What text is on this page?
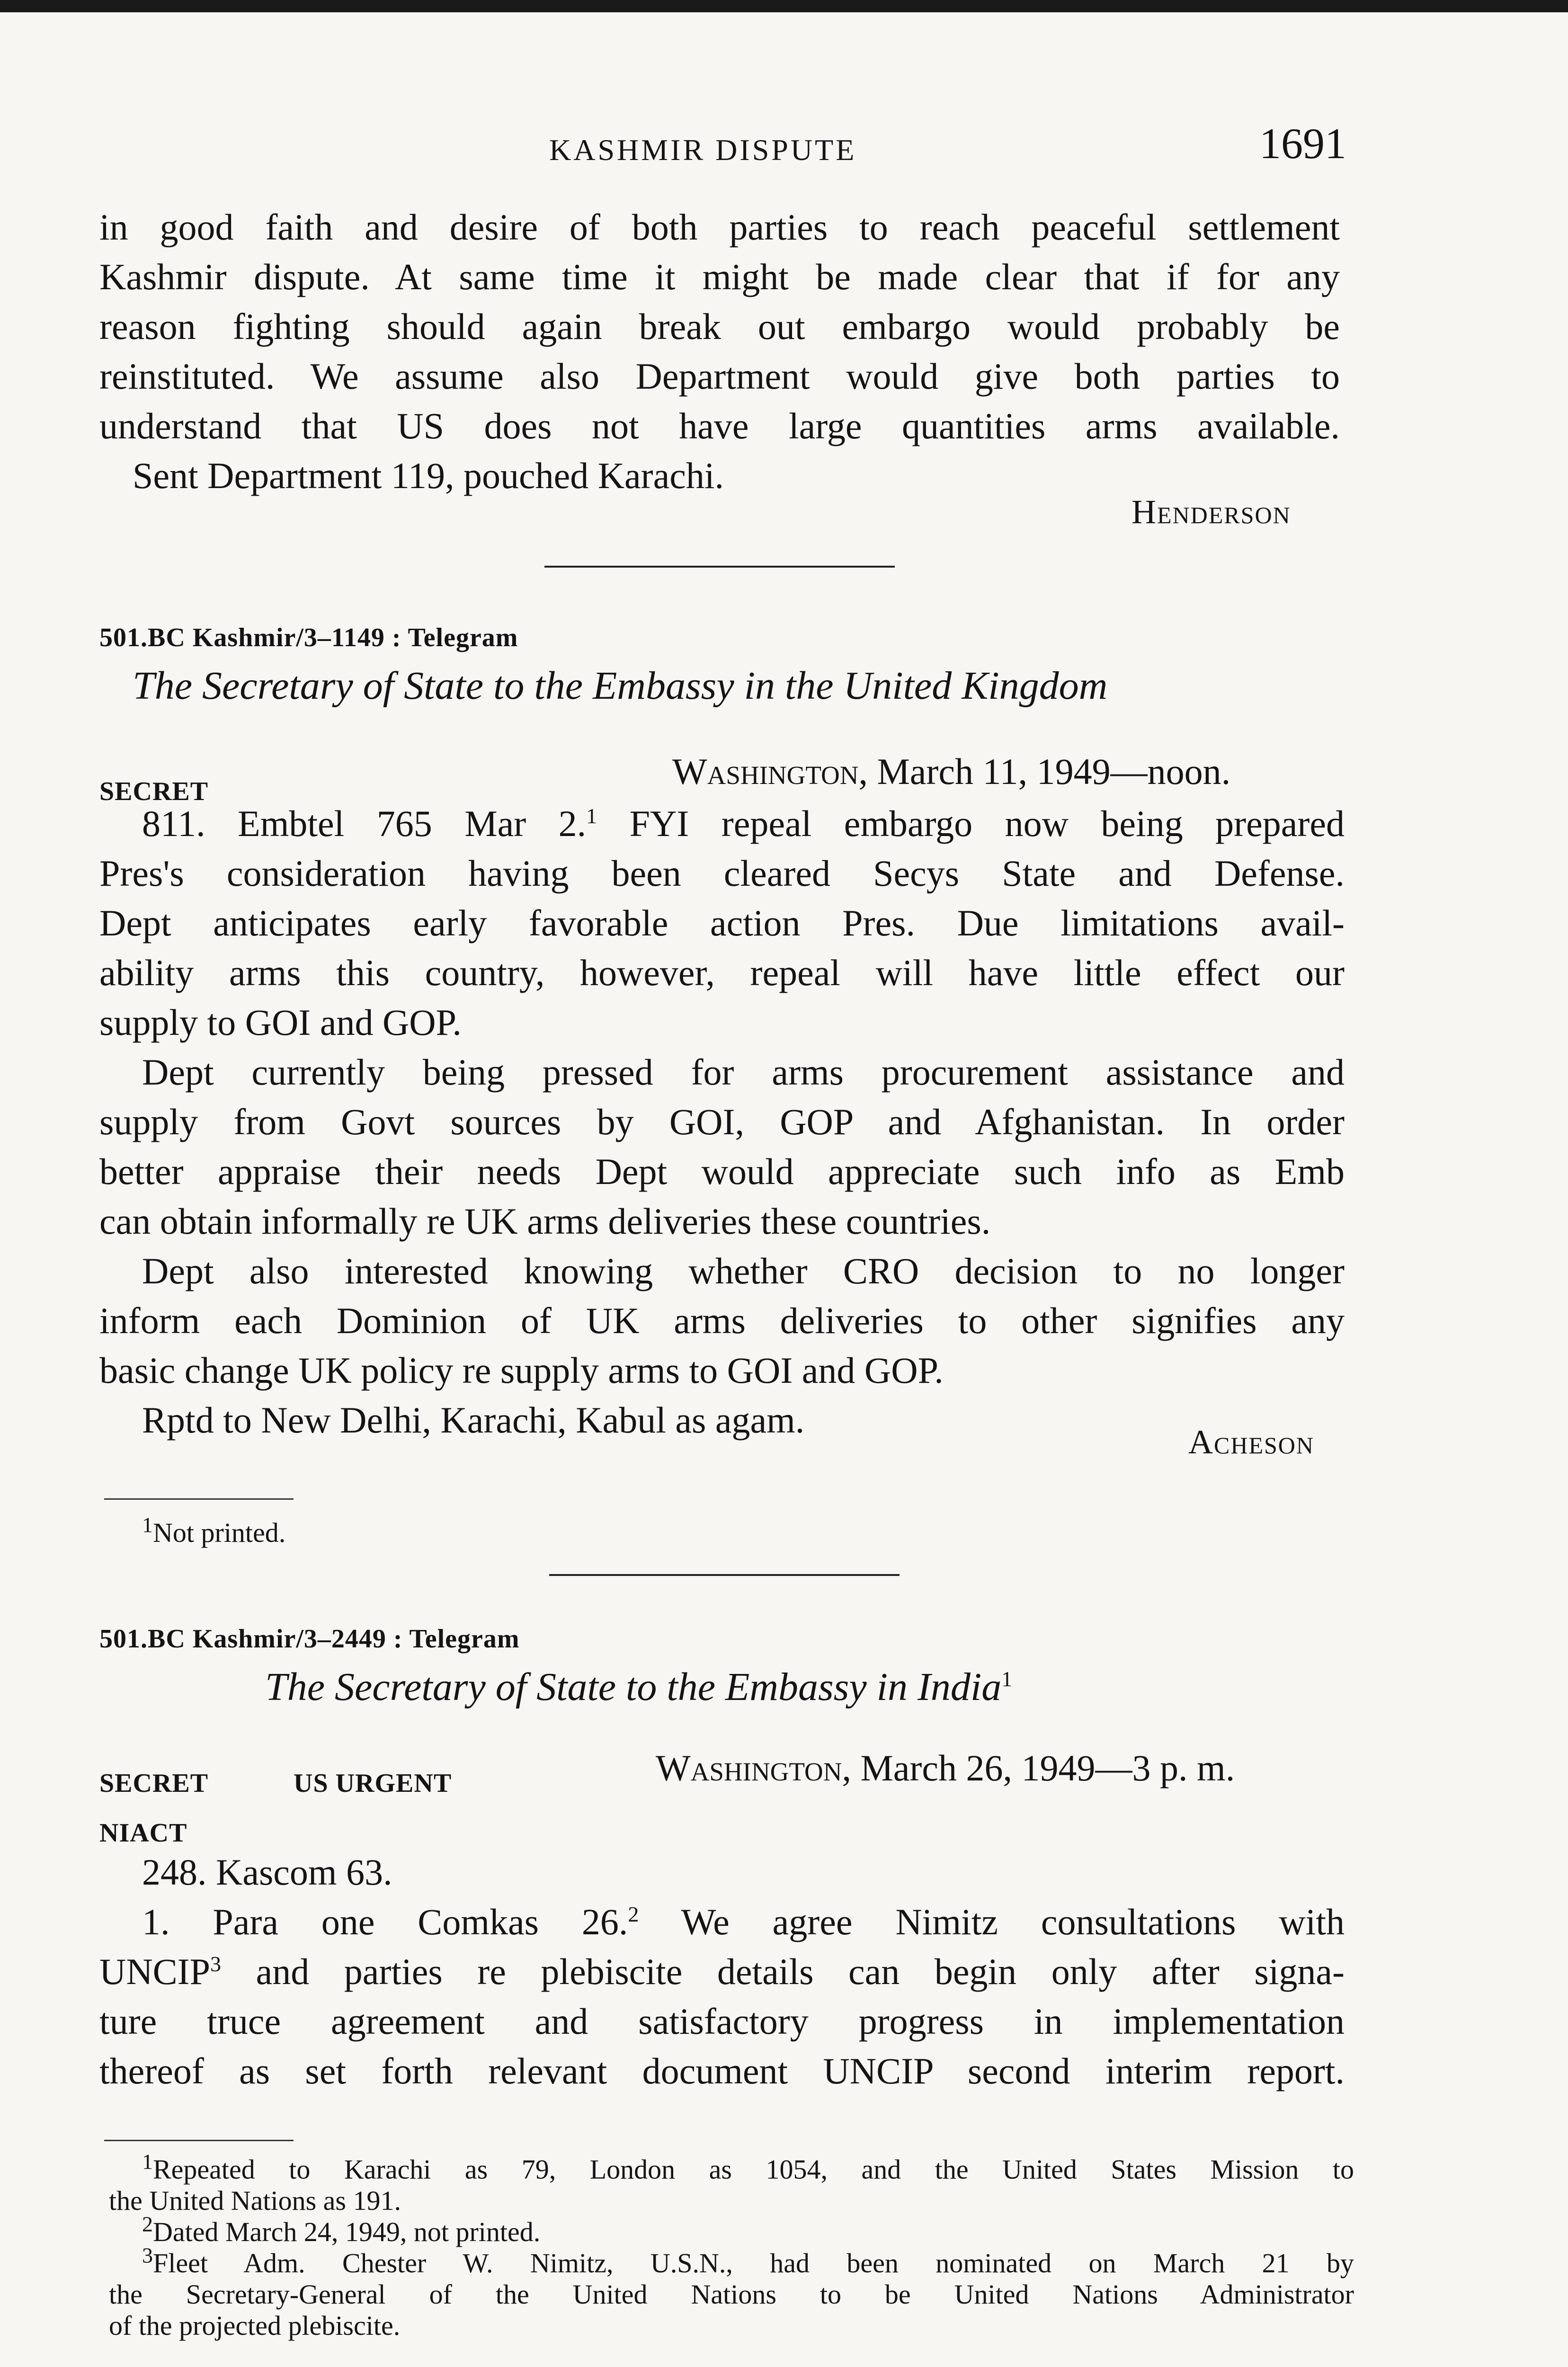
KASHMIR DISPUTE	1691
in good faith and desire of both parties to reach peaceful settlement
Kashmir dispute. At same time it might be made clear that if for any
reason fighting should again break out embargo would probably be
reinstituted. We assume also Department would give both parties to
understand that US does not have large quantities arms available.
Sent Department 119, pouched Karachi.
Henderson
501.BC Kashmir/3–1149 : Telegram
The Secretary of State to the Embassy in the United Kingdom
SECRET	Washington, March 11, 1949—noon.
811. Embtel 765 Mar 2.$^1$ FYI repeal embargo now being prepared
Pres's consideration having been cleared Secys State and Defense.
Dept anticipates early favorable action Pres. Due limitations avail-
ability arms this country, however, repeal will have little effect our
supply to GOI and GOP.
Dept currently being pressed for arms procurement assistance and
supply from Govt sources by GOI, GOP and Afghanistan. In order
better appraise their needs Dept would appreciate such info as Emb
can obtain informally re UK arms deliveries these countries.
Dept also interested knowing whether CRO decision to no longer
inform each Dominion of UK arms deliveries to other signifies any
basic change UK policy re supply arms to GOI and GOP.
Rptd to New Delhi, Karachi, Kabul as agam.
Acheson
$^1$Not printed.
501.BC Kashmir/3–2449 : Telegram
The Secretary of State to the Embassy in India$^1$
SECRET	US URGENT	Washington, March 26, 1949—3 p. m.
NIACT
248. Kascom 63.
1. Para one Comkas 26.$^2$ We agree Nimitz consultations with
UNCIP$^3$ and parties re plebiscite details can begin only after signa-
ture truce agreement and satisfactory progress in implementation
thereof as set forth relevant document UNCIP second interim report.
$^1$Repeated to Karachi as 79, London as 1054, and the United States Mission to
the United Nations as 191.
$^2$Dated March 24, 1949, not printed.
$^3$Fleet Adm. Chester W. Nimitz, U.S.N., had been nominated on March 21 by
the Secretary-General of the United Nations to be United Nations Administrator
of the projected plebiscite.
